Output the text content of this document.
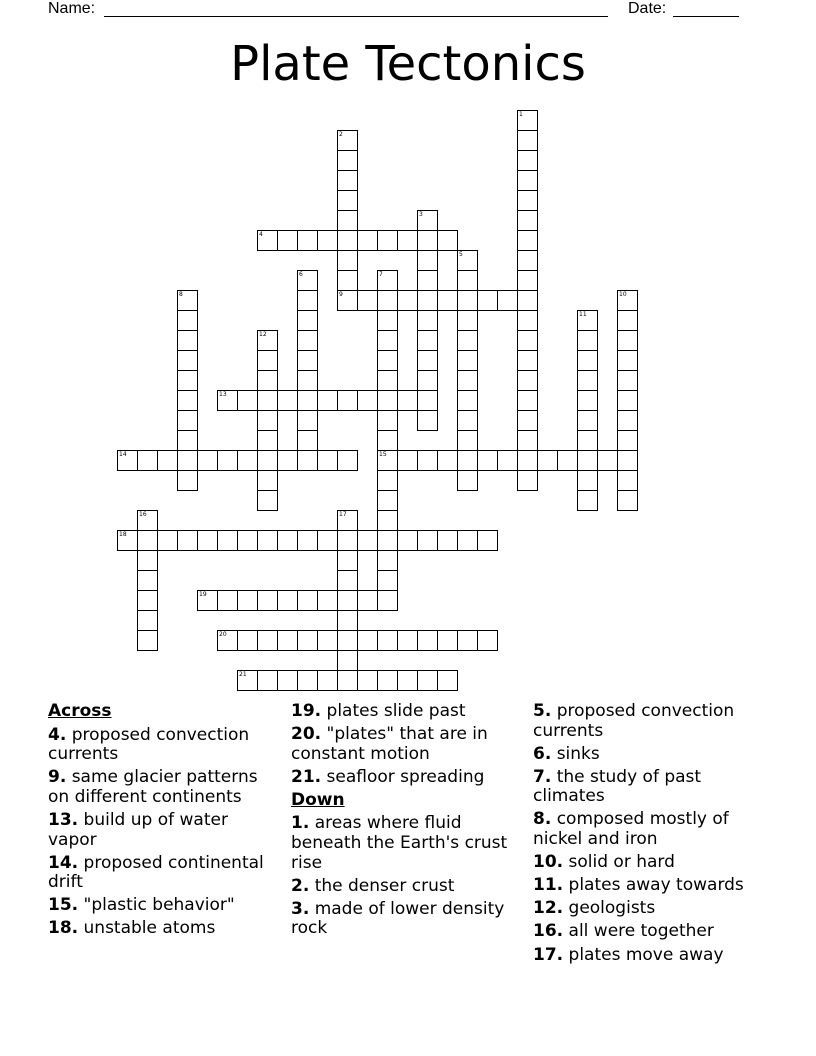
Name:	Date:
Plate Tectonics
1
2
3
4
5
6	7
15
8	9	10
11
12
13
14
16	17
18
19
20
21
Across
4. proposed convection currents
9. same glacier patterns on different continents
13. build up of water vapor
14. proposed continental drift
15. "plastic behavior"
18. unstable atoms
19. plates slide past
20. "plates" that are in constant motion
21. seafloor spreading
Down
1. areas where fluid beneath the Earth's crust rise
2. the denser crust
3. made of lower density rock
5. proposed convection currents
6. sinks
7. the study of past climates
8. composed mostly of nickel and iron
10. solid or hard
11. plates away towards
12. geologists
16. all were together
17. plates move away
